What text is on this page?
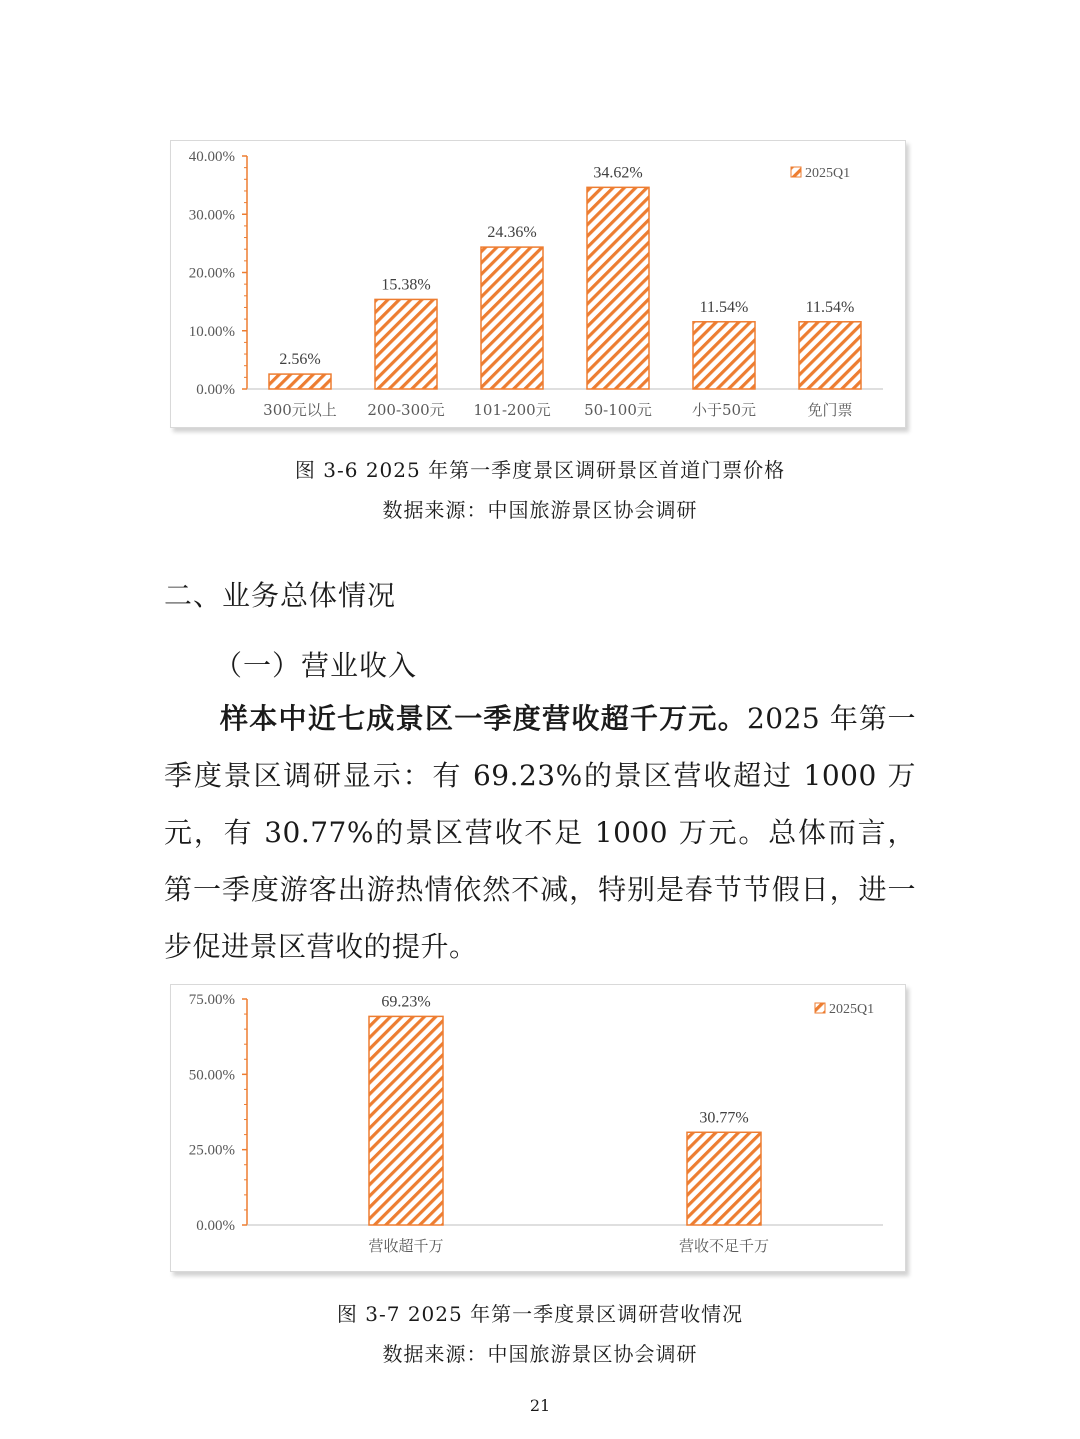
0.00%
10.00%
20.00%
30.00%
40.00%
2.56%
300元以上
15.38%
200-300元
24.36%
101-200元
34.62%
50-100元
11.54%
小于50元
11.54%
免门票
2025Q1
图 3-6 2025 年第一季度景区调研景区首道门票价格
数据来源：中国旅游景区协会调研
二、业务总体情况
（一）营业收入

样本中近七成景区一季度营收超千万元。2025 年第一季度景区调研显示：有 69.23%的景区营收超过 1000 万元，有 30.77%的景区营收不足 1000 万元。总体而言，第一季度游客出游热情依然不减，特别是春节节假日，进一步促进景区营收的提升。

0.00%
25.00%
50.00%
75.00%	69.23%
营收超千万
30.77%
营收不足千万
2025Q1
图 3-7 2025 年第一季度景区调研营收情况
数据来源：中国旅游景区协会调研
21
